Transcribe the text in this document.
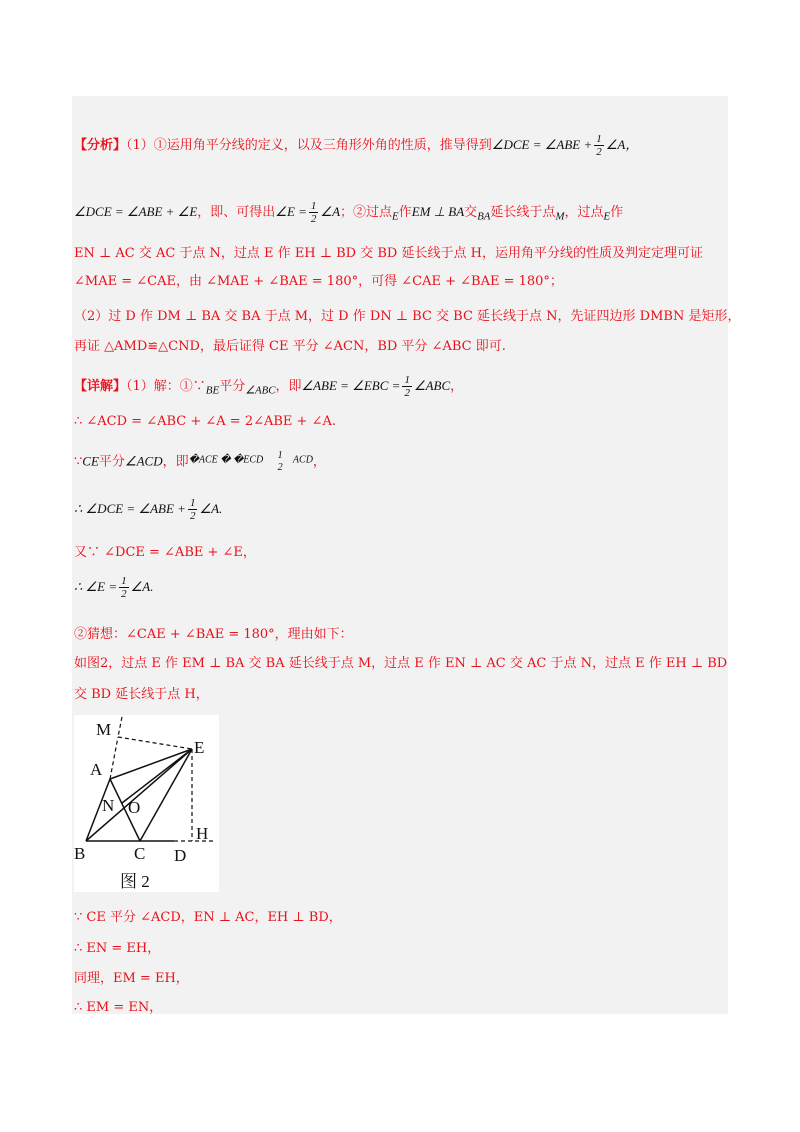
【分析】（1）①运用角平分线的定义，以及三角形外角的性质，推导得到∠DCE = ∠ABE + $\frac{1}{2}$ ∠A，
∠DCE = ∠ABE + ∠E，即、可得出∠E = $\frac{1}{2}$ ∠A；②过点$_E$作EM ⊥ BA交$_{BA}$延长线于点$_M$，过点$_E$作
EN ⊥ AC 交 AC 于点 N，过点 E 作 EH ⊥ BD 交 BD 延长线于点 H，运用角平分线的性质及判定定理可证
∠MAE = ∠CAE，由 ∠MAE + ∠BAE = 180°，可得 ∠CAE + ∠BAE = 180°；
（2）过 D 作 DM ⊥ BA 交 BA 于点 M，过 D 作 DN ⊥ BC 交 BC 延长线于点 N，先证四边形 DMBN 是矩形，
再证 △AMD≌△CND，最后证得 CE 平分 ∠ACN，BD 平分 ∠ABC 即可.
【详解】（1）解：$①\because_{BE}$平分$_{\angle ABC}$，即∠ABE = ∠EBC = $\frac{1}{2}$ ∠ABC，
∴ ∠ACD = ∠ABC + ∠A = 2∠ABE + ∠A.
∵CE平分∠ACD，即$^{�ACE � �ECD}$ 1
2
$^{ACD}$，
∴ ∠DCE = ∠ABE + $\frac{1}{2}$ ∠A.
又∵ ∠DCE = ∠ABE + ∠E，
∴ ∠E = $\frac{1}{2}$ ∠A.
②猜想：∠CAE + ∠BAE = 180°，理由如下：
如图2，过点 E 作 EM ⊥ BA 交 BA 延长线于点 M，过点 E 作 EN ⊥ AC 交 AC 于点 N，过点 E 作 EH ⊥ BD
交 BD 延长线于点 H，
M
E
A
N O
H
B	C D
图 2
∵ CE 平分 ∠ACD，EN ⊥ AC，EH ⊥ BD，
∴ EN = EH，
同理，EM = EH，
∴ EM = EN，
